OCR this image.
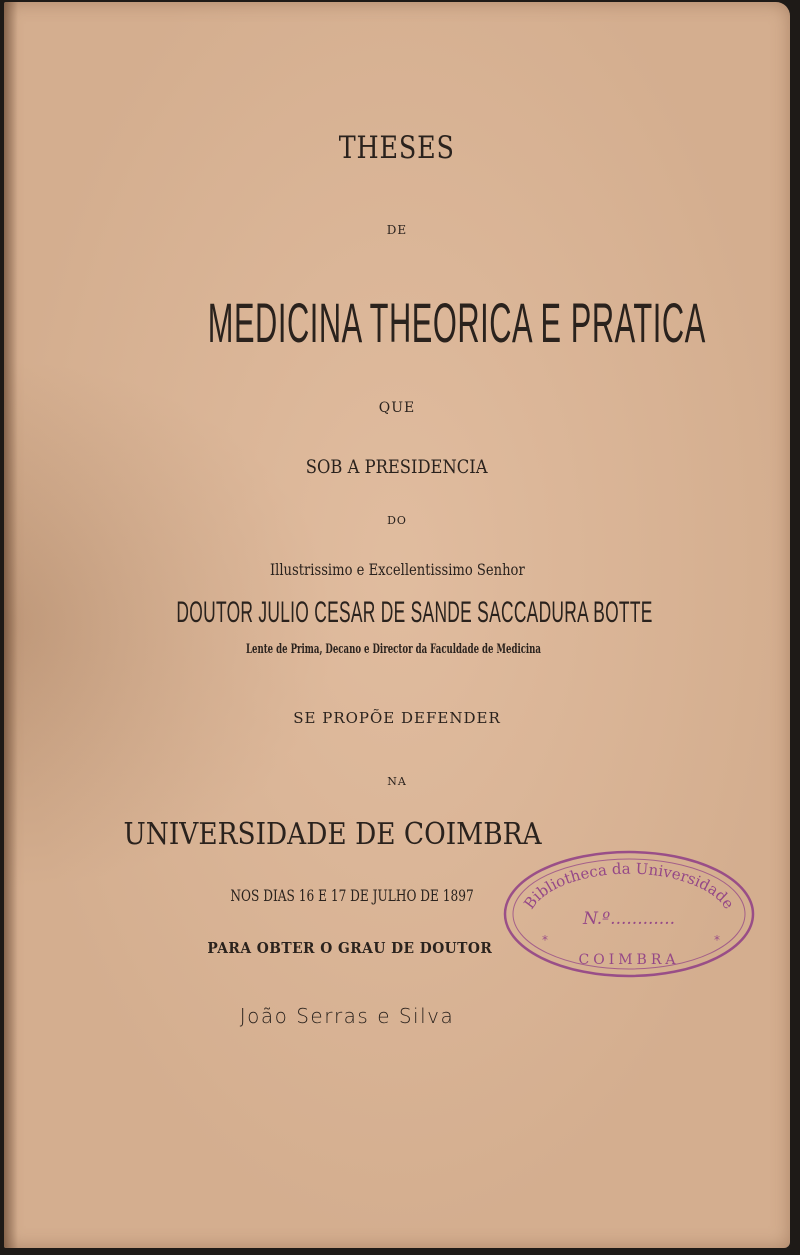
THESES
DE
MEDICINA THEORICA E PRATICA
QUE
SOB A PRESIDENCIA
DO
Illustrissimo e Excellentissimo Senhor
DOUTOR JULIO CESAR DE SANDE SACCADURA BOTTE
Lente de Prima, Decano e Director da Faculdade de Medicina
SE PROPÕE DEFENDER
NA
UNIVERSIDADE DE COIMBRA
NOS DIAS 16 E 17 DE JULHO DE 1897
PARA OBTER O GRAU DE DOUTOR
João Serras e Silva
Bibliotheca da Universidade
N.º............
*	*
COIMBRA
